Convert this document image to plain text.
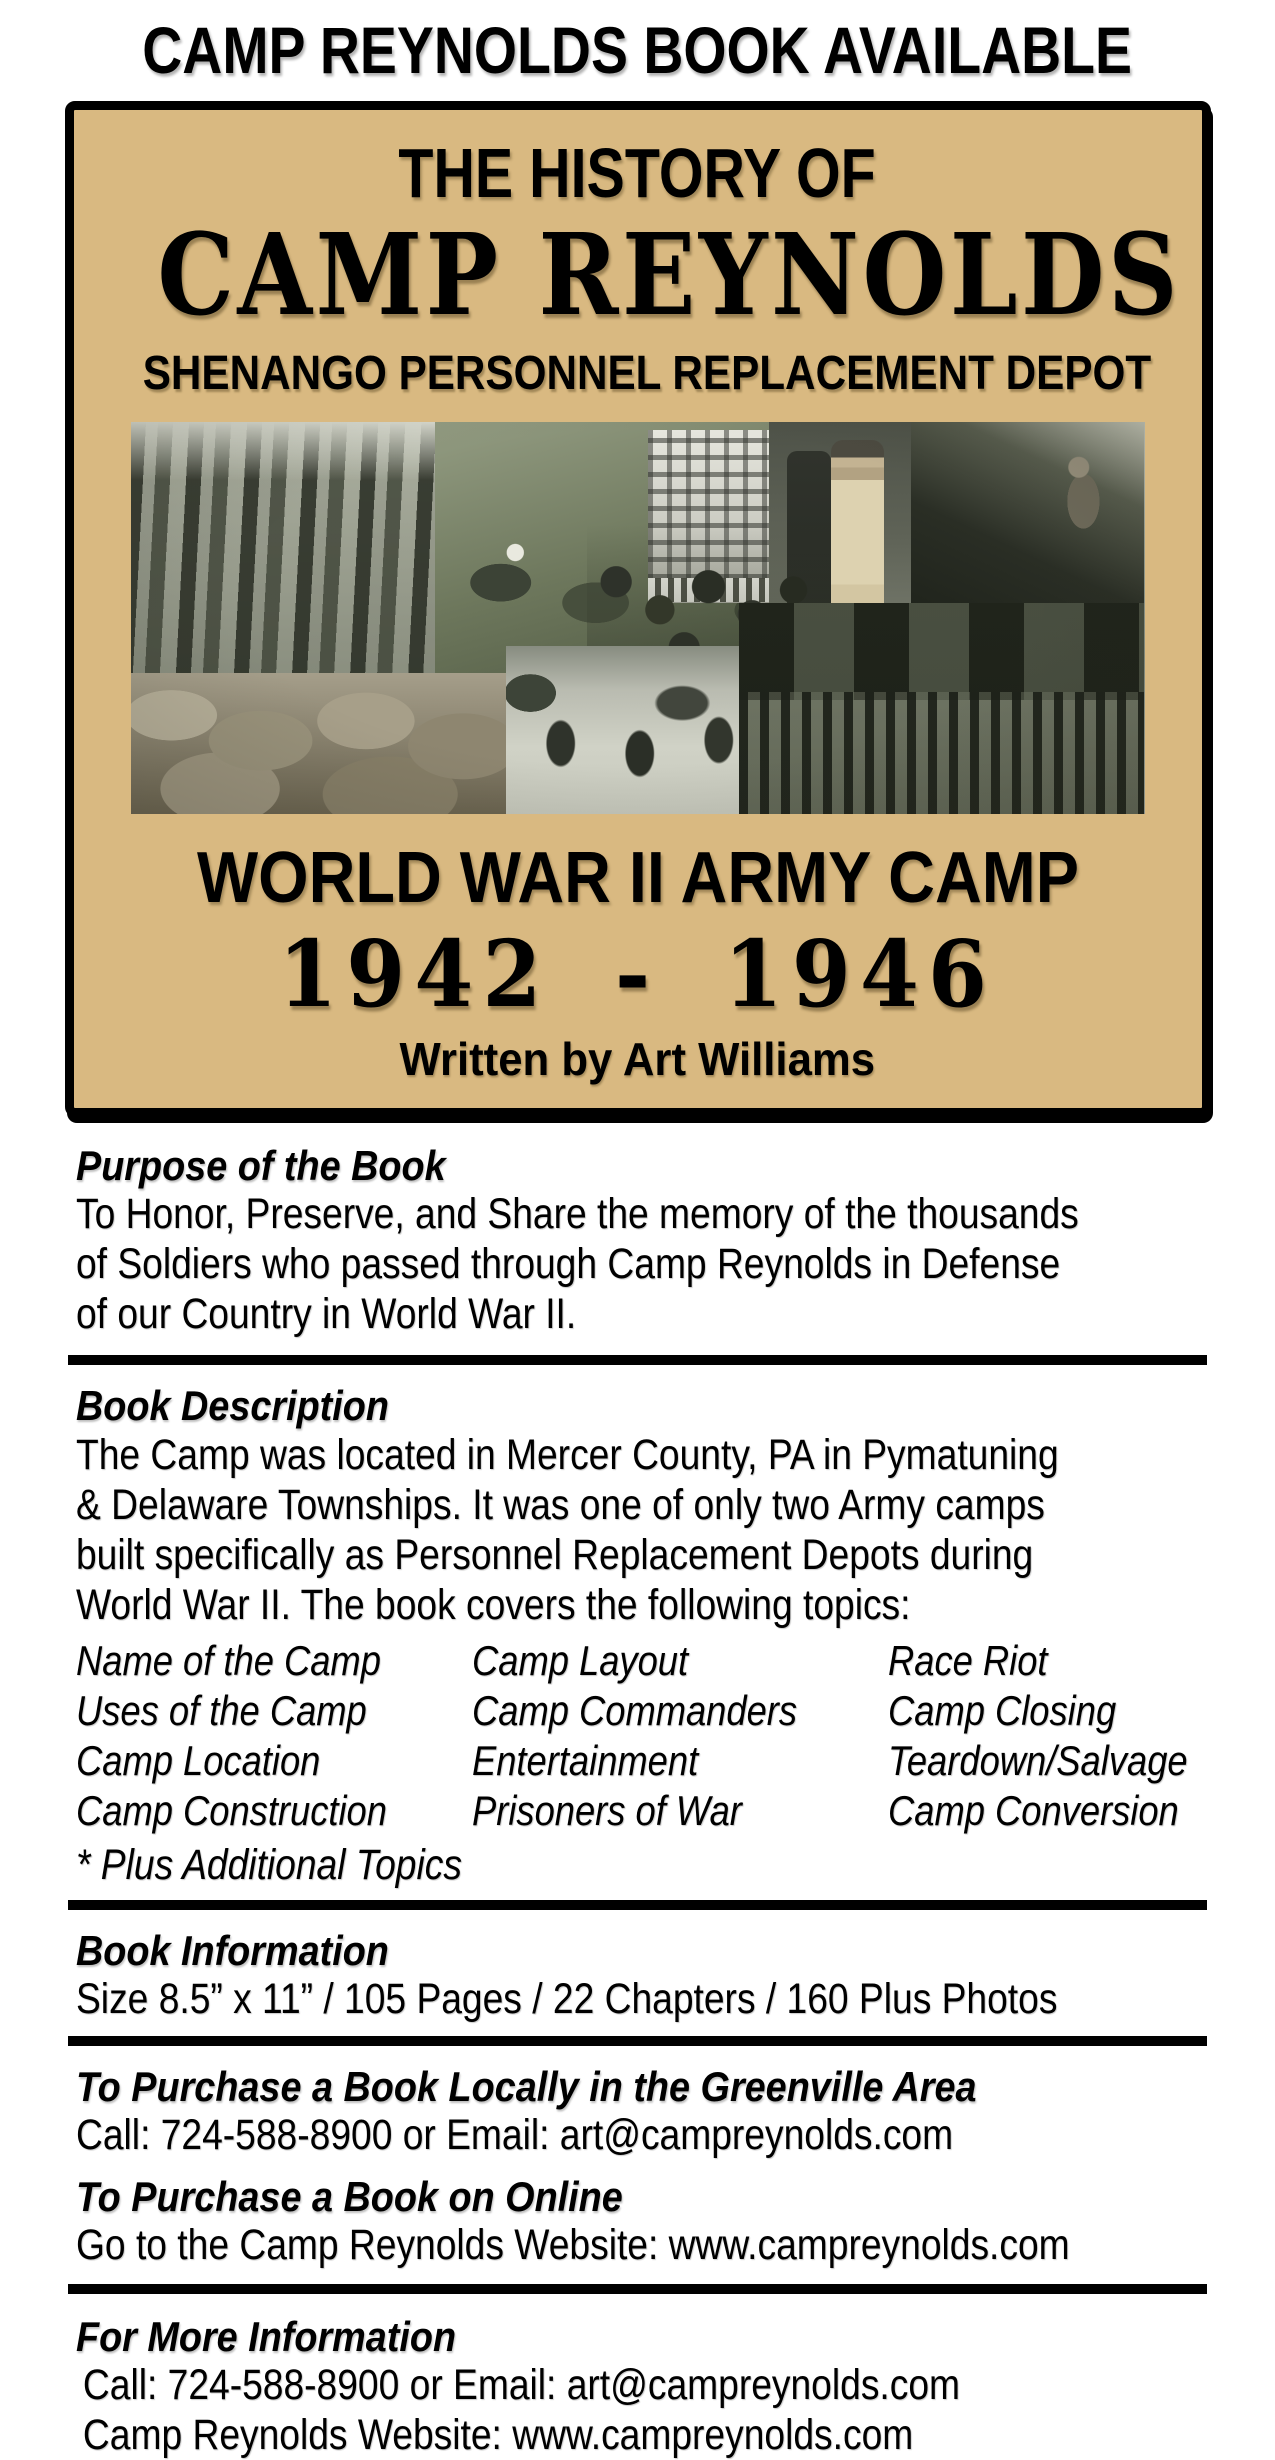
CAMP REYNOLDS BOOK AVAILABLE
THE HISTORY OF
CAMP REYNOLDS
SHENANGO PERSONNEL REPLACEMENT DEPOT
WORLD WAR II ARMY CAMP
1942 - 1946
Written by Art Williams
Purpose of the Book
To Honor, Preserve, and Share the memory of the thousands
of Soldiers who passed through Camp Reynolds in Defense
of our Country in World War II.
Book Description
The Camp was located in Mercer County, PA in Pymatuning
& Delaware Townships. It was one of only two Army camps
built specifically as Personnel Replacement Depots during
World War II. The book covers the following topics:
Name of the Camp	Camp Layout	Race Riot
Uses of the Camp	Camp Commanders	Camp Closing
Camp Location	Entertainment	Teardown/Salvage
Camp Construction	Prisoners of War	Camp Conversion
* Plus Additional Topics
Book Information
Size 8.5” x 11” / 105 Pages / 22 Chapters / 160 Plus Photos
To Purchase a Book Locally in the Greenville Area
Call: 724-588-8900 or Email: art@campreynolds.com
To Purchase a Book on Online
Go to the Camp Reynolds Website: www.campreynolds.com
For More Information
Call: 724-588-8900 or Email: art@campreynolds.com
Camp Reynolds Website: www.campreynolds.com
